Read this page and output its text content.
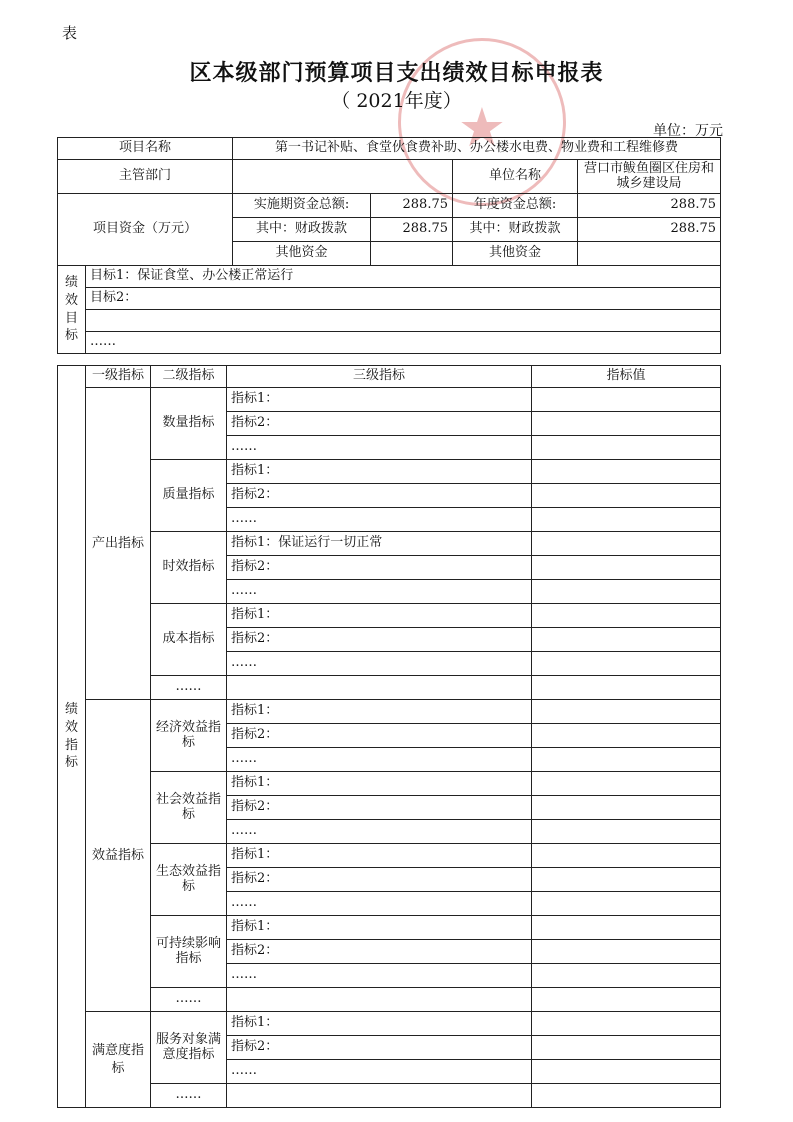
表
★
区本级部门预算项目支出绩效目标申报表
（ 2021年度）
单位：万元
项目名称		第一书记补贴、食堂伙食费补助、办公楼水电费、物业费和工程维修费			
主管部门				单位名称	营口市鲅鱼圈区住房和城乡建设局
项目资金（万元）		实施期资金总额:	288.75	年度资金总额:	288.75
		其中：财政拨款	288.75	其中：财政拨款	288.75
		其他资金		其他资金	
绩效目标	目标1：保证食堂、办公楼正常运行				
	目标2：				

	……				
绩效指标	一级指标	二级指标	三级指标	指标值
	产出指标	数量指标	指标1：	
			指标2：	
			……	
		质量指标	指标1：	
			指标2：	
			……	
		时效指标	指标1：保证运行一切正常	
			指标2：	
			……	
		成本指标	指标1：	
			指标2：	
			……	
		……		
	效益指标	经济效益指标	指标1：	
			指标2：	
			……	
		社会效益指标	指标1：	
			指标2：	
			……	
		生态效益指标	指标1：	
			指标2：	
			……	
		可持续影响指标	指标1：	
			指标2：	
			……	
		……		
	满意度指标	服务对象满意度指标	指标1：	
			指标2：	
			……	
		……		
